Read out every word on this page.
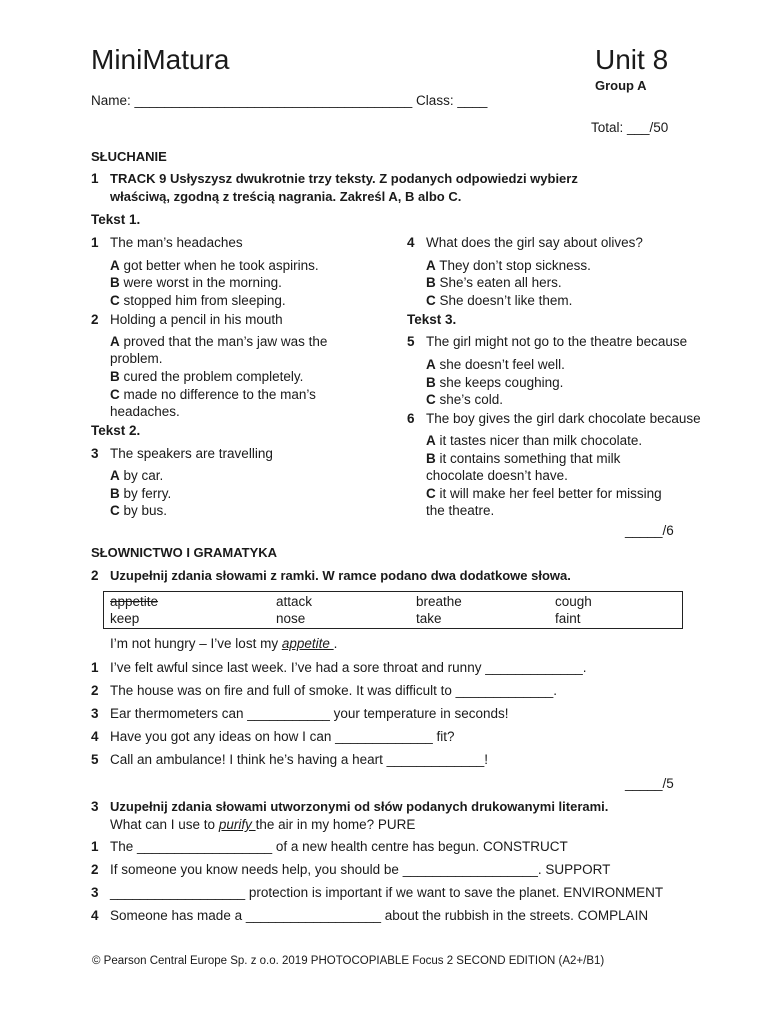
MiniMatura	Unit 8
Group A
Name: _____________________________________ Class: ____
Total: ___/50
SŁUCHANIE
1 TRACK 9 Usłyszysz dwukrotnie trzy teksty. Z podanych odpowiedzi wybierz
właściwą, zgodną z treścią nagrania. Zakreśl A, B albo C.
Tekst 1.
1 The man’s headaches
A got better when he took aspirins.
B were worst in the morning.
C stopped him from sleeping.
2 Holding a pencil in his mouth
A proved that the man’s jaw was the
problem.
B cured the problem completely.
C made no difference to the man’s
headaches.
Tekst 2.
3 The speakers are travelling
A by car.
B by ferry.
C by bus.
4 What does the girl say about olives?
A They don’t stop sickness.
B She’s eaten all hers.
C She doesn’t like them.
Tekst 3.
5 The girl might not go to the theatre because
A she doesn’t feel well.
B she keeps coughing.
C she’s cold.
6 The boy gives the girl dark chocolate because
A it tastes nicer than milk chocolate.
B it contains something that milk
chocolate doesn’t have.
C it will make her feel better for missing
the theatre.
_____/6
SŁOWNICTWO I GRAMATYKA
2 Uzupełnij zdania słowami z ramki. W ramce podano dwa dodatkowe słowa.
appetite	attack	breathe	cough
keep	nose	take	faint
I’m not hungry – I’ve lost my appetite .
1 I’ve felt awful since last week. I’ve had a sore throat and runny _____________.
2 The house was on fire and full of smoke. It was difficult to _____________.
3 Ear thermometers can ___________ your temperature in seconds!
4 Have you got any ideas on how I can _____________ fit?
5 Call an ambulance! I think he’s having a heart _____________!
_____/5
3 Uzupełnij zdania słowami utworzonymi od słów podanych drukowanymi literami.
What can I use to purify the air in my home? PURE
1 The __________________ of a new health centre has begun. CONSTRUCT
2 If someone you know needs help, you should be __________________. SUPPORT
3 __________________ protection is important if we want to save the planet. ENVIRONMENT
4 Someone has made a __________________ about the rubbish in the streets. COMPLAIN
© Pearson Central Europe Sp. z o.o. 2019 PHOTOCOPIABLE Focus 2 SECOND EDITION (A2+/B1)
